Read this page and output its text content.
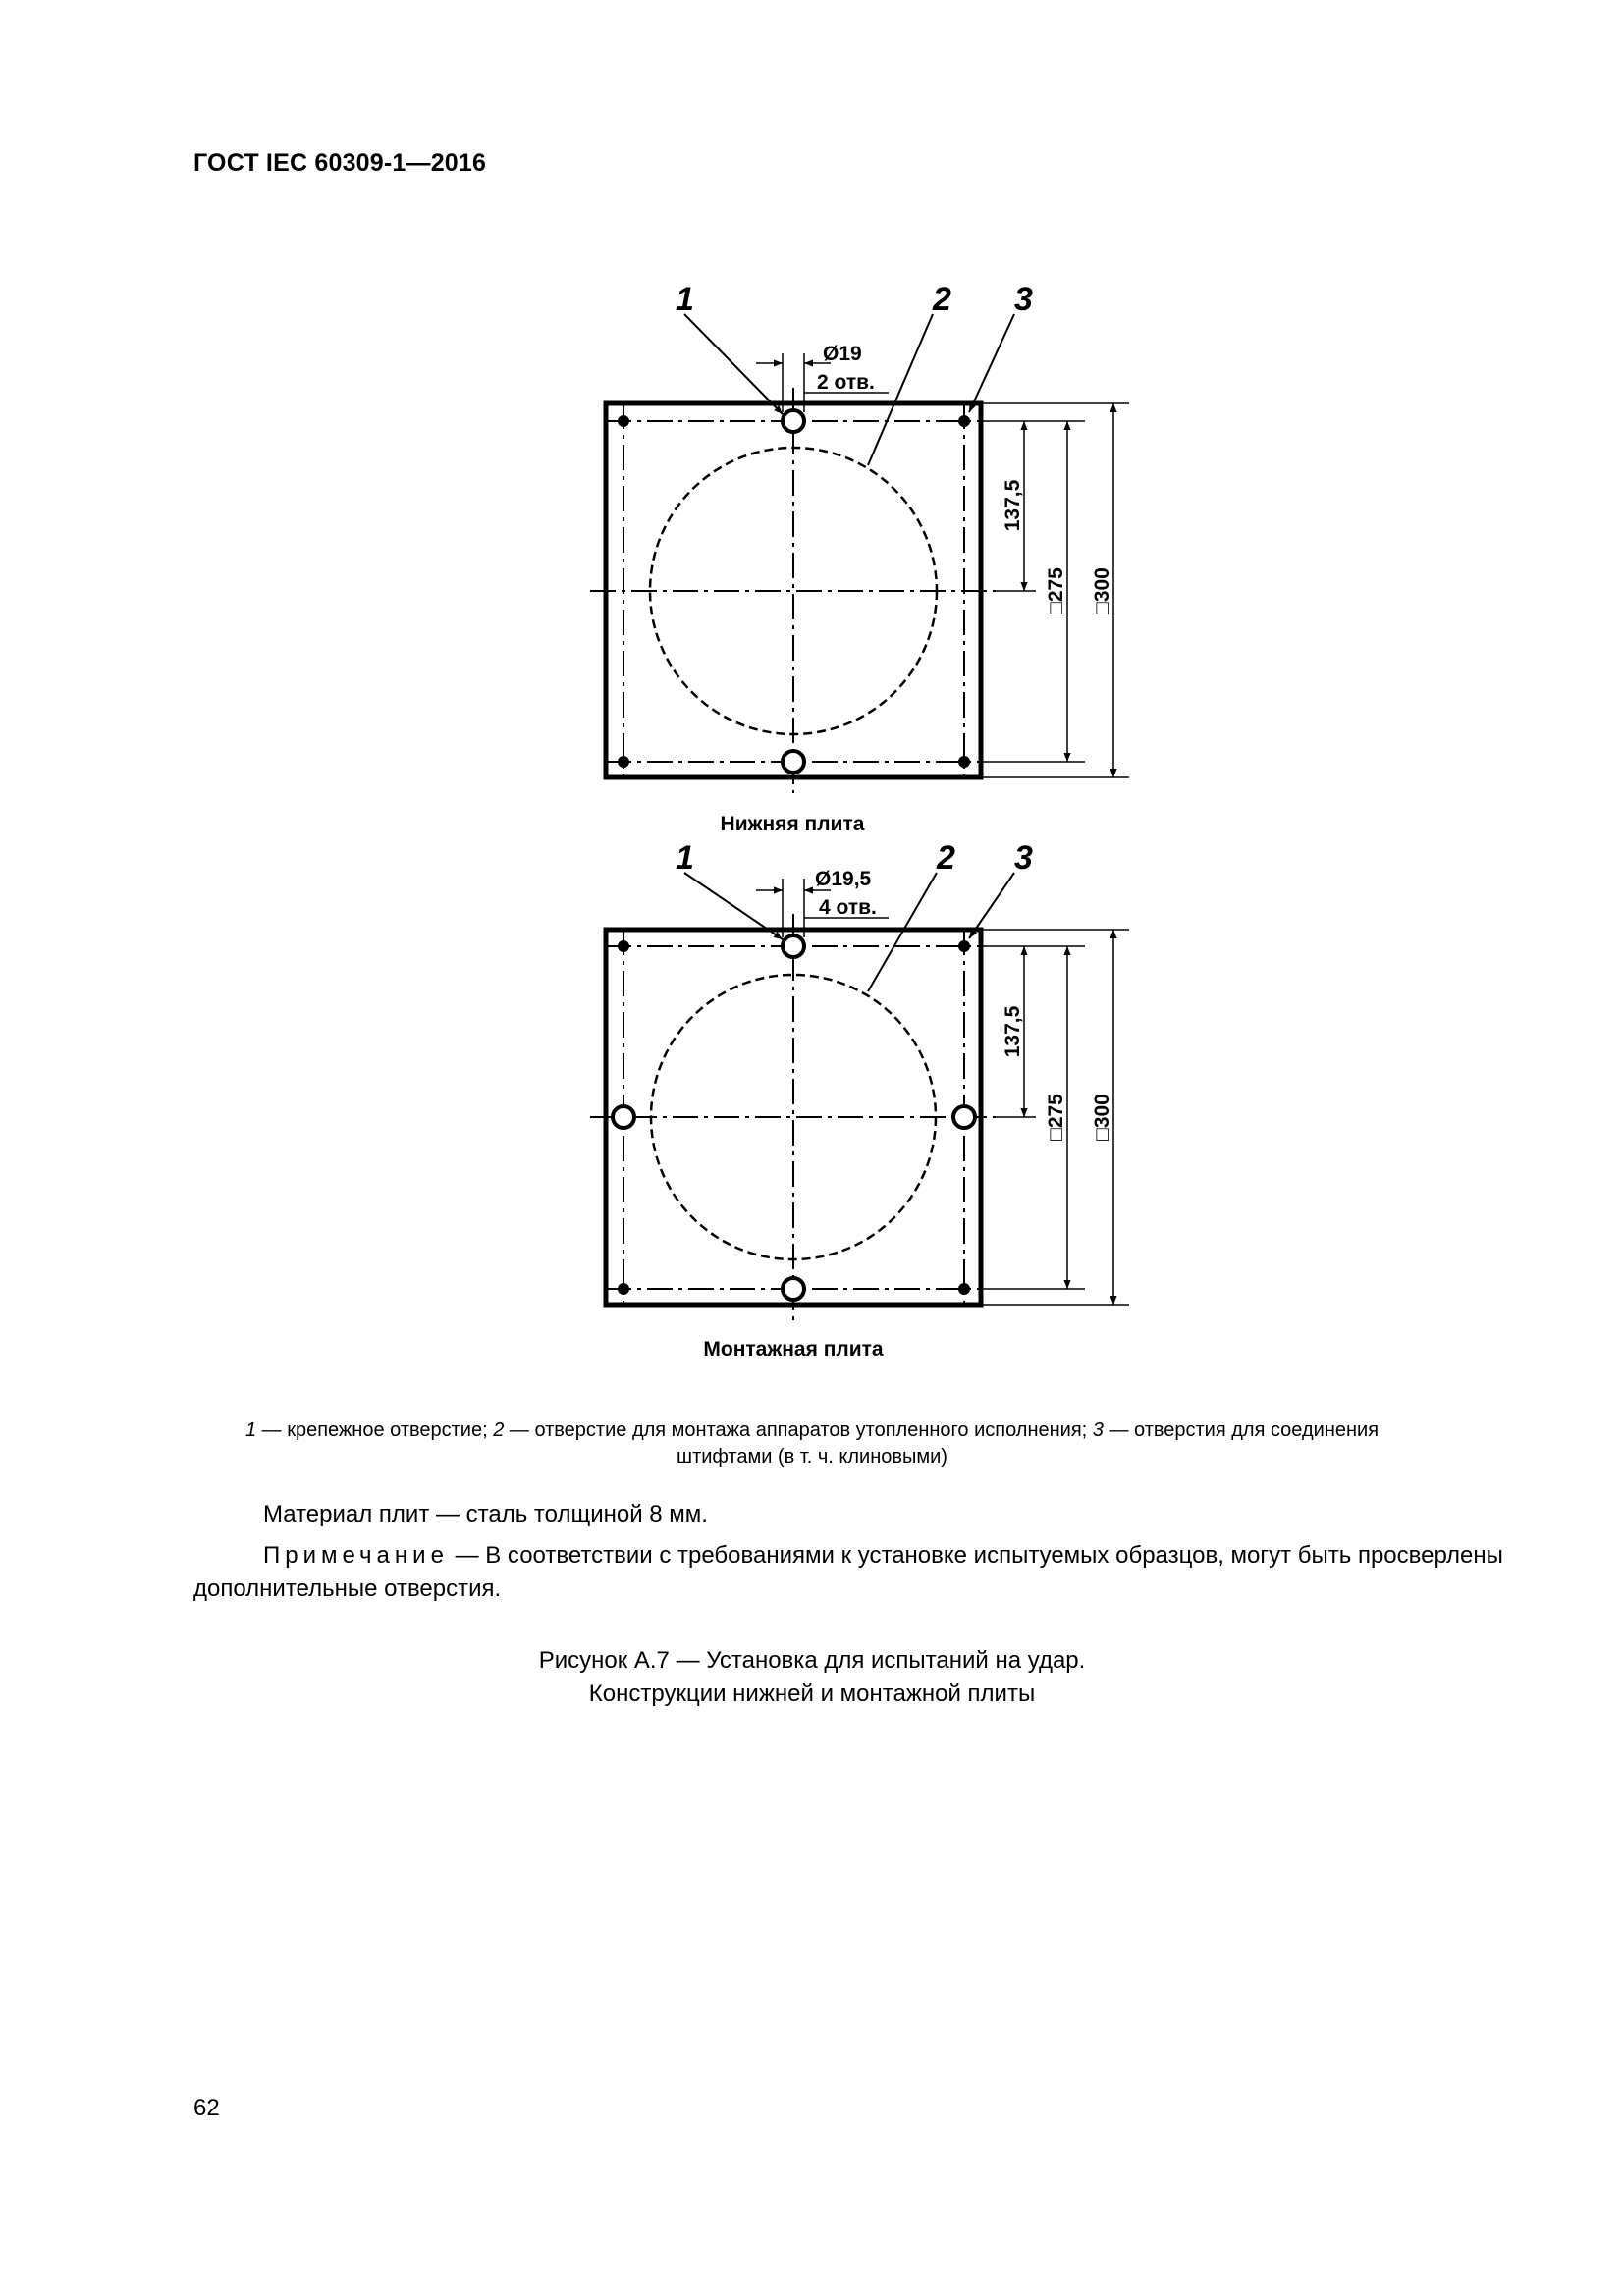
ГОСТ IEC 60309-1—2016
Ø19
2 отв.
1	2 3
137,5
□275 □300
Нижняя плита
Ø19,5
4 отв.
1	2 3
137,5
□275 □300
Монтажная плита
1 — крепежное отверстие; 2 — отверстие для монтажа аппаратов утопленного исполнения; 3 — отверстия для соединения штифтами (в т. ч. клиновыми)
Материал плит — сталь толщиной 8 мм.
Примечание — В соответствии с требованиями к установке испытуемых образцов, могут быть просверлены дополнительные отверстия.
Рисунок А.7 — Установка для испытаний на удар.
Конструкции нижней и монтажной плиты
62
